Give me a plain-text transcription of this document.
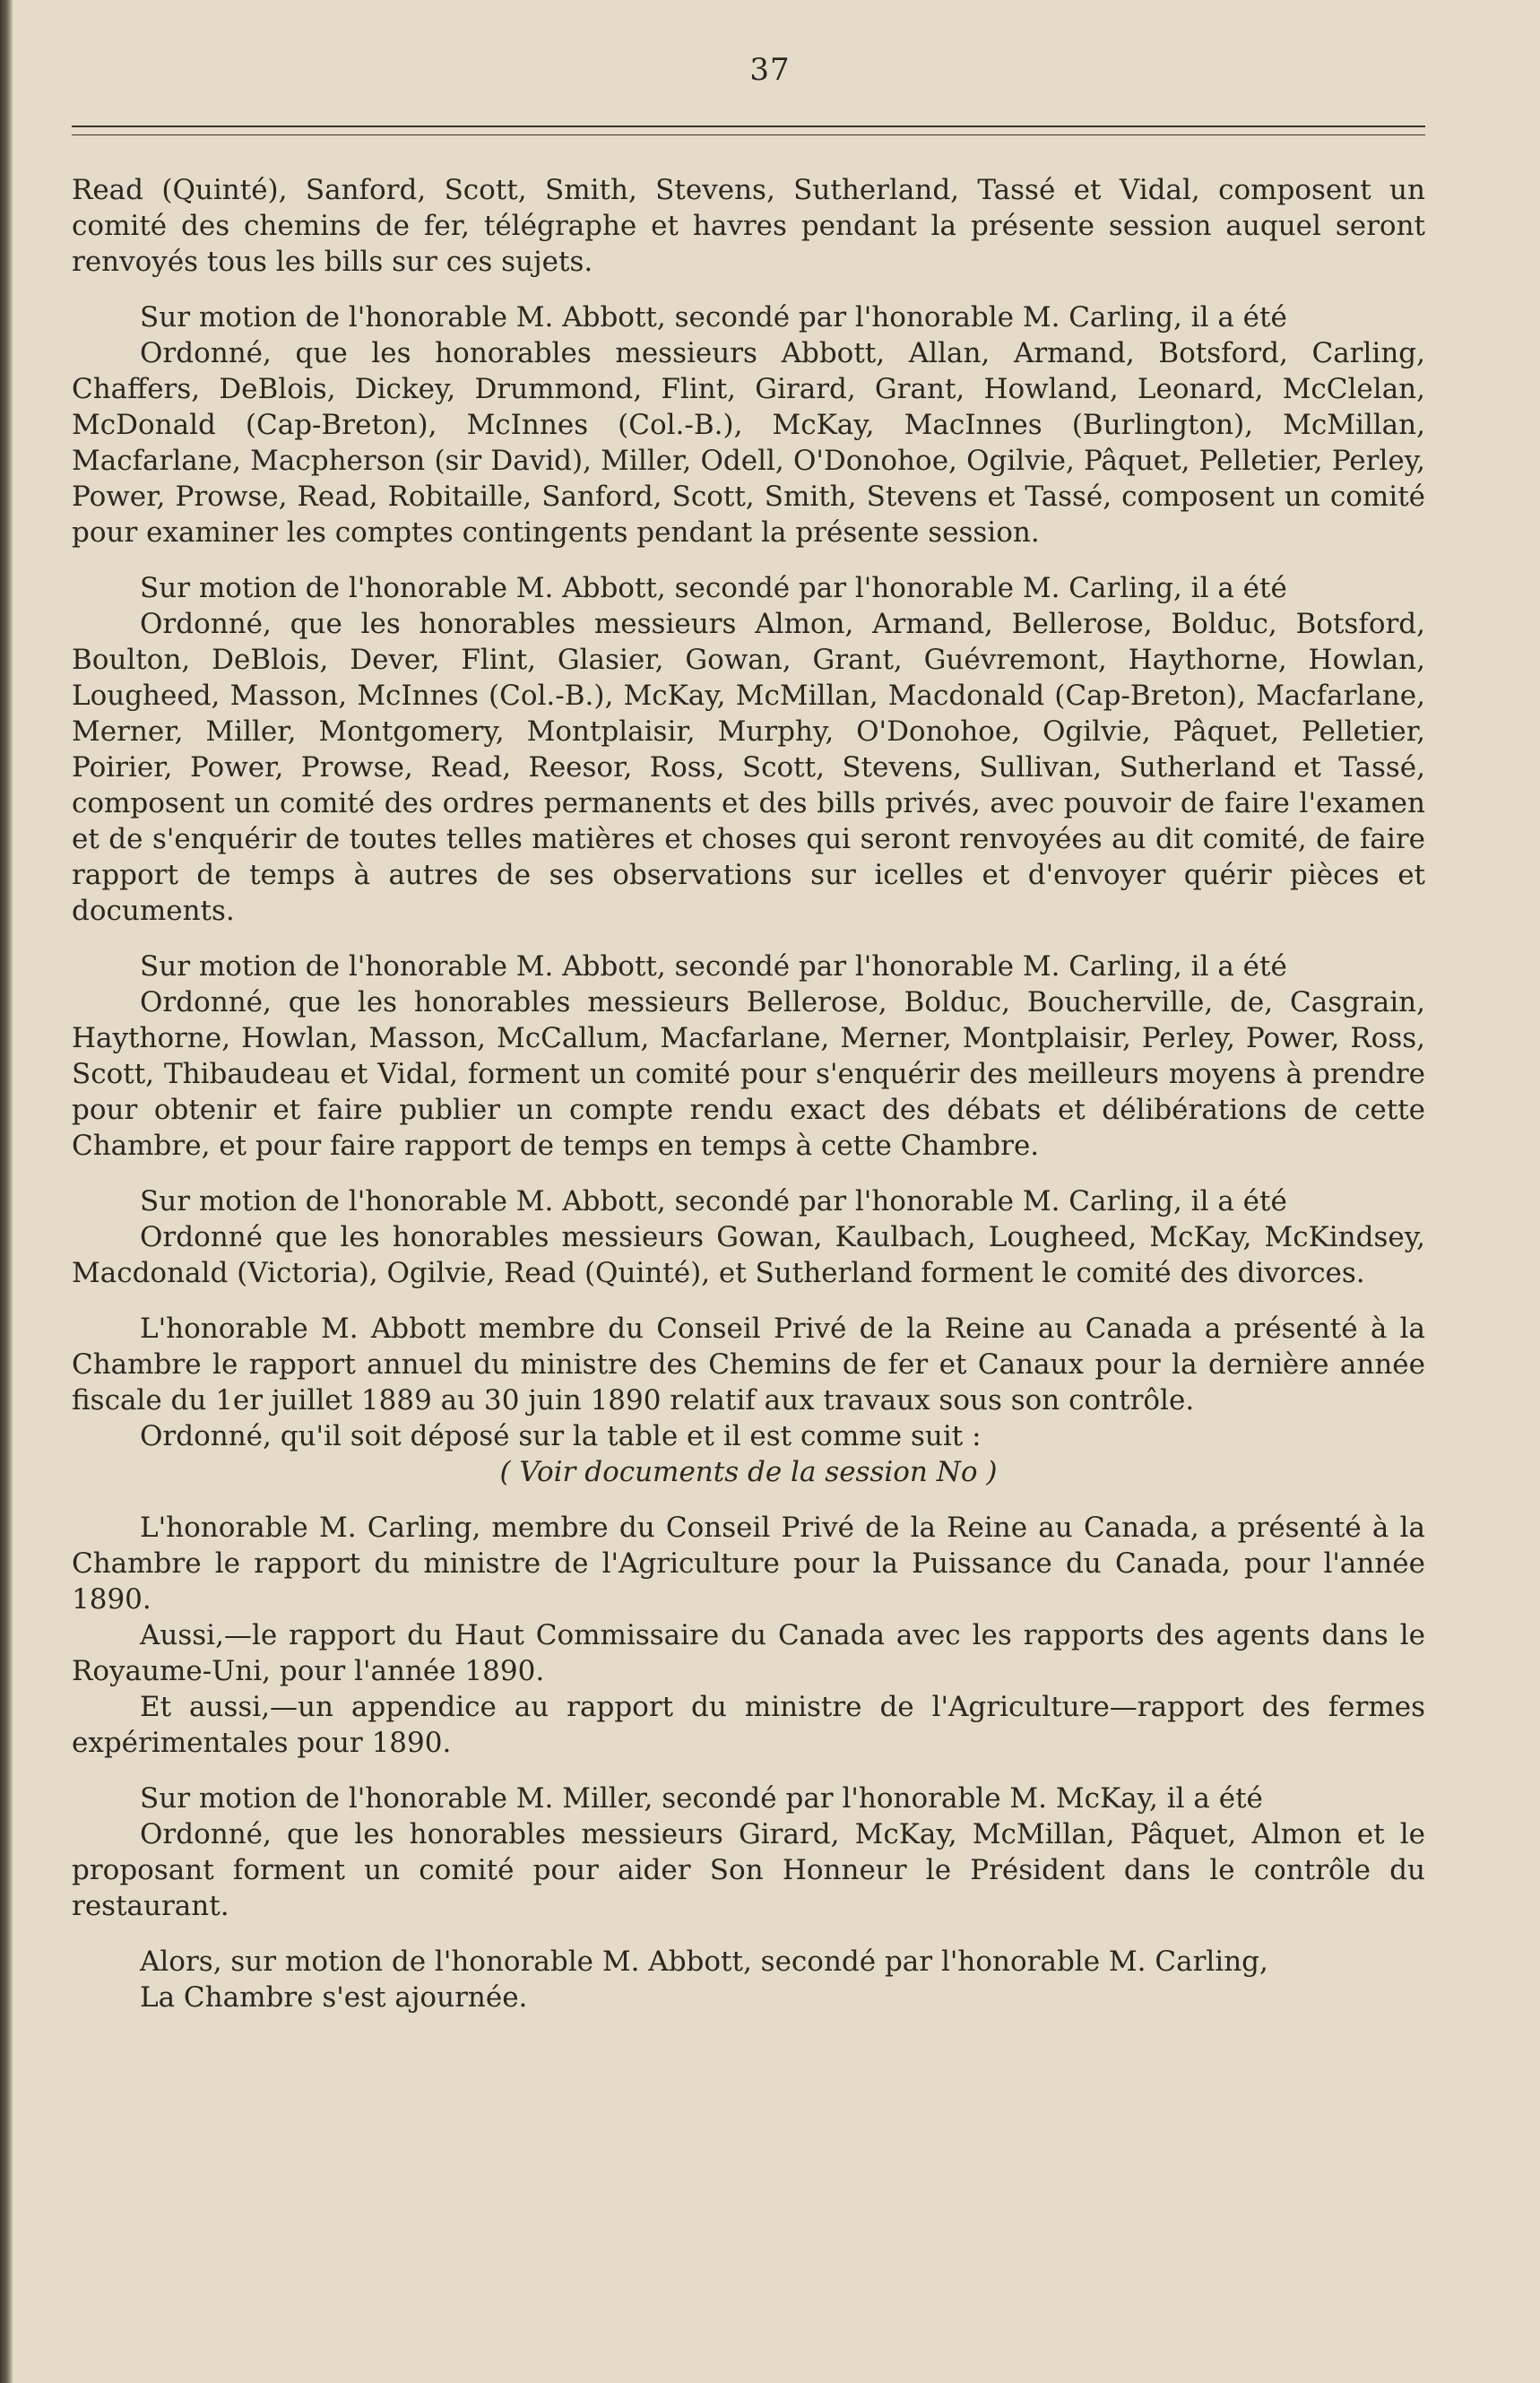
37

Read (Quinté), Sanford, Scott, Smith, Stevens, Sutherland, Tassé et Vidal, composent un comité des chemins de fer, télégraphe et havres pendant la présente session auquel seront renvoyés tous les bills sur ces sujets.

Sur motion de l'honorable M. Abbott, secondé par l'honorable M. Carling, il a été

Ordonné, que les honorables messieurs Abbott, Allan, Armand, Botsford, Carling, Chaffers, DeBlois, Dickey, Drummond, Flint, Girard, Grant, Howland, Leonard, McClelan, McDonald (Cap-Breton), McInnes (Col.-B.), McKay, MacInnes (Burlington), McMillan, Macfarlane, Macpherson (sir David), Miller, Odell, O'Donohoe, Ogilvie, Pâquet, Pelletier, Perley, Power, Prowse, Read, Robitaille, Sanford, Scott, Smith, Stevens et Tassé, composent un comité pour examiner les comptes contingents pendant la présente session.

Sur motion de l'honorable M. Abbott, secondé par l'honorable M. Carling, il a été

Ordonné, que les honorables messieurs Almon, Armand, Bellerose, Bolduc, Botsford, Boulton, DeBlois, Dever, Flint, Glasier, Gowan, Grant, Guévremont, Haythorne, Howlan, Lougheed, Masson, McInnes (Col.-B.), McKay, McMillan, Macdonald (Cap-Breton), Macfarlane, Merner, Miller, Montgomery, Montplaisir, Murphy, O'Donohoe, Ogilvie, Pâquet, Pelletier, Poirier, Power, Prowse, Read, Reesor, Ross, Scott, Stevens, Sullivan, Sutherland et Tassé, composent un comité des ordres permanents et des bills privés, avec pouvoir de faire l'examen et de s'enquérir de toutes telles matières et choses qui seront renvoyées au dit comité, de faire rapport de temps à autres de ses observations sur icelles et d'envoyer quérir pièces et documents.

Sur motion de l'honorable M. Abbott, secondé par l'honorable M. Carling, il a été

Ordonné, que les honorables messieurs Bellerose, Bolduc, Boucherville, de, Casgrain, Haythorne, Howlan, Masson, McCallum, Macfarlane, Merner, Montplaisir, Perley, Power, Ross, Scott, Thibaudeau et Vidal, forment un comité pour s'enquérir des meilleurs moyens à prendre pour obtenir et faire publier un compte rendu exact des débats et délibérations de cette Chambre, et pour faire rapport de temps en temps à cette Chambre.

Sur motion de l'honorable M. Abbott, secondé par l'honorable M. Carling, il a été

Ordonné que les honorables messieurs Gowan, Kaulbach, Lougheed, McKay, McKindsey, Macdonald (Victoria), Ogilvie, Read (Quinté), et Sutherland forment le comité des divorces.

L'honorable M. Abbott membre du Conseil Privé de la Reine au Canada a présenté à la Chambre le rapport annuel du ministre des Chemins de fer et Canaux pour la dernière année fiscale du 1er juillet 1889 au 30 juin 1890 relatif aux travaux sous son contrôle.

Ordonné, qu'il soit déposé sur la table et il est comme suit :

( Voir documents de la session No )

L'honorable M. Carling, membre du Conseil Privé de la Reine au Canada, a présenté à la Chambre le rapport du ministre de l'Agriculture pour la Puissance du Canada, pour l'année 1890.

Aussi,—le rapport du Haut Commissaire du Canada avec les rapports des agents dans le Royaume-Uni, pour l'année 1890.

Et aussi,—un appendice au rapport du ministre de l'Agriculture—rapport des fermes expérimentales pour 1890.

Sur motion de l'honorable M. Miller, secondé par l'honorable M. McKay, il a été

Ordonné, que les honorables messieurs Girard, McKay, McMillan, Pâquet, Almon et le proposant forment un comité pour aider Son Honneur le Président dans le contrôle du restaurant.

Alors, sur motion de l'honorable M. Abbott, secondé par l'honorable M. Carling,

La Chambre s'est ajournée.
